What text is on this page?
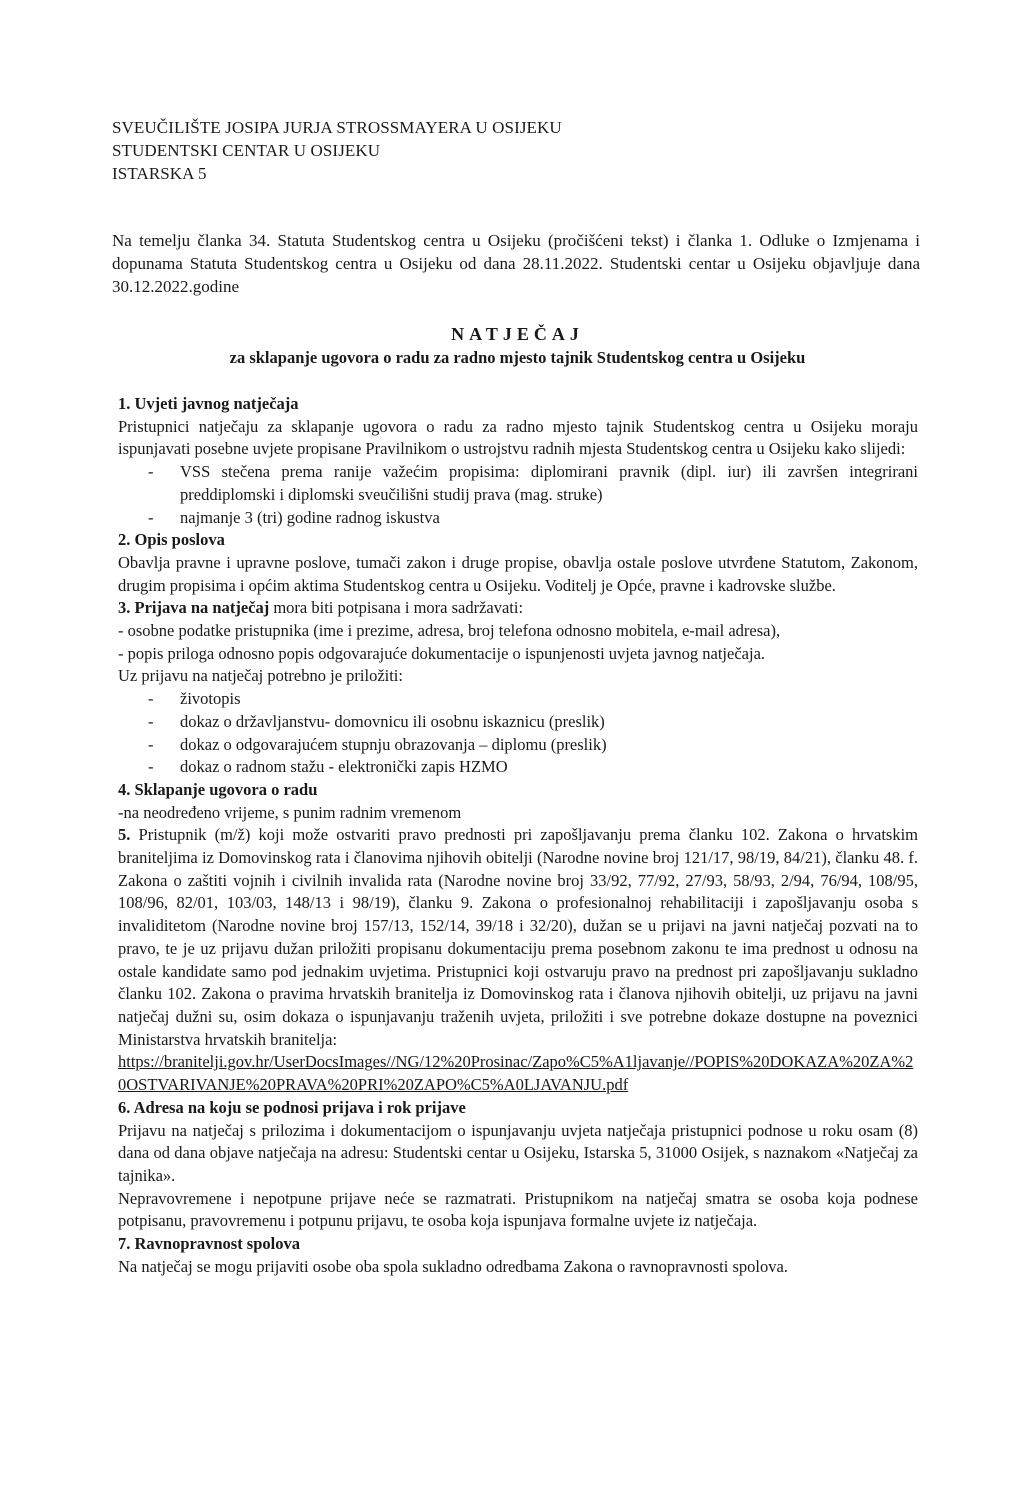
SVEUČILIŠTE JOSIPA JURJA STROSSMAYERA U OSIJEKU
STUDENTSKI CENTAR U OSIJEKU
ISTARSKA 5
Na temelju članka 34. Statuta Studentskog centra u Osijeku (pročišćeni tekst) i članka 1. Odluke o Izmjenama i dopunama Statuta Studentskog centra u Osijeku od dana 28.11.2022. Studentski centar u Osijeku objavljuje dana 30.12.2022.godine
NATJEČAJ
za sklapanje ugovora o radu za radno mjesto tajnik Studentskog centra u Osijeku

1. Uvjeti javnog natječaja

Pristupnici natječaju za sklapanje ugovora o radu za radno mjesto tajnik Studentskog centra u Osijeku moraju ispunjavati posebne uvjete propisane Pravilnikom o ustrojstvu radnih mjesta Studentskog centra u Osijeku kako slijedi:

- VSS stečena prema ranije važećim propisima: diplomirani pravnik (dipl. iur) ili završen integrirani preddiplomski i diplomski sveučilišni studij prava (mag. struke)
- najmanje 3 (tri) godine radnog iskustva

2. Opis poslova

Obavlja pravne i upravne poslove, tumači zakon i druge propise, obavlja ostale poslove utvrđene Statutom, Zakonom, drugim propisima i općim aktima Studentskog centra u Osijeku. Voditelj je Opće, pravne i kadrovske službe.

3. Prijava na natječaj mora biti potpisana i mora sadržavati:

- osobne podatke pristupnika (ime i prezime, adresa, broj telefona odnosno mobitela, e-mail adresa),

- popis priloga odnosno popis odgovarajuće dokumentacije o ispunjenosti uvjeta javnog natječaja.

Uz prijavu na natječaj potrebno je priložiti:

- životopis
- dokaz o državljanstvu- domovnicu ili osobnu iskaznicu (preslik)
- dokaz o odgovarajućem stupnju obrazovanja – diplomu (preslik)
- dokaz o radnom stažu - elektronički zapis HZMO

4. Sklapanje ugovora o radu

-na neodređeno vrijeme, s punim radnim vremenom

5. Pristupnik (m/ž) koji može ostvariti pravo prednosti pri zapošljavanju prema članku 102. Zakona o hrvatskim braniteljima iz Domovinskog rata i članovima njihovih obitelji (Narodne novine broj 121/17, 98/19, 84/21), članku 48. f. Zakona o zaštiti vojnih i civilnih invalida rata (Narodne novine broj 33/92, 77/92, 27/93, 58/93, 2/94, 76/94, 108/95, 108/96, 82/01, 103/03, 148/13 i 98/19), članku 9. Zakona o profesionalnoj rehabilitaciji i zapošljavanju osoba s invaliditetom (Narodne novine broj 157/13, 152/14, 39/18 i 32/20), dužan se u prijavi na javni natječaj pozvati na to pravo, te je uz prijavu dužan priložiti propisanu dokumentaciju prema posebnom zakonu te ima prednost u odnosu na ostale kandidate samo pod jednakim uvjetima. Pristupnici koji ostvaruju pravo na prednost pri zapošljavanju sukladno članku 102. Zakona o pravima hrvatskih branitelja iz Domovinskog rata i članova njihovih obitelji, uz prijavu na javni natječaj dužni su, osim dokaza o ispunjavanju traženih uvjeta, priložiti i sve potrebne dokaze dostupne na poveznici Ministarstva hrvatskih branitelja:

https://branitelji.gov.hr/UserDocsImages//NG/12%20Prosinac/Zapo%C5%A1ljavanje//POPIS%20DOKAZA%20ZA%20OSTVARIVANJE%20PRAVA%20PRI%20ZAPO%C5%A0LJAVANJU.pdf

6. Adresa na koju se podnosi prijava i rok prijave

Prijavu na natječaj s prilozima i dokumentacijom o ispunjavanju uvjeta natječaja pristupnici podnose u roku osam (8) dana od dana objave natječaja na adresu: Studentski centar u Osijeku, Istarska 5, 31000 Osijek, s naznakom «Natječaj za tajnika».

Nepravovremene i nepotpune prijave neće se razmatrati. Pristupnikom na natječaj smatra se osoba koja podnese potpisanu, pravovremenu i potpunu prijavu, te osoba koja ispunjava formalne uvjete iz natječaja.

7. Ravnopravnost spolova

Na natječaj se mogu prijaviti osobe oba spola sukladno odredbama Zakona o ravnopravnosti spolova.
